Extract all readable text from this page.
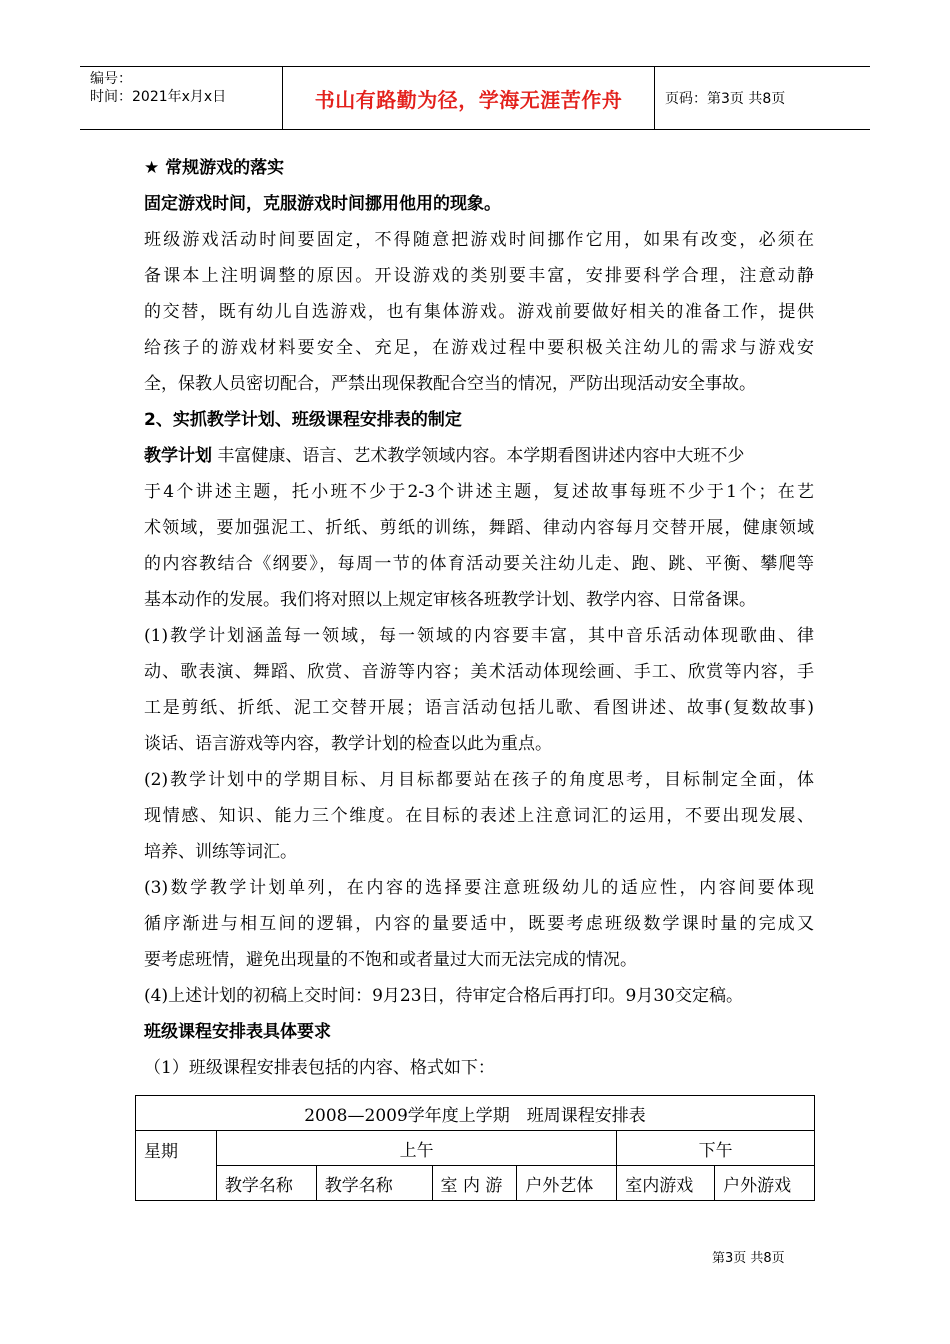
编号：
时间：2021年x月x日	书山有路勤为径，学海无涯苦作舟	页码：第3页 共8页
★ 常规游戏的落实
固定游戏时间，克服游戏时间挪用他用的现象。
班级游戏活动时间要固定，不得随意把游戏时间挪作它用，如果有改变，必须在
备课本上注明调整的原因。开设游戏的类别要丰富，安排要科学合理，注意动静
的交替，既有幼儿自选游戏，也有集体游戏。游戏前要做好相关的准备工作，提供
给孩子的游戏材料要安全、充足，在游戏过程中要积极关注幼儿的需求与游戏安
全，保教人员密切配合，严禁出现保教配合空当的情况，严防出现活动安全事故。
2、实抓教学计划、班级课程安排表的制定
教学计划 丰富健康、语言、艺术教学领域内容。本学期看图讲述内容中大班不少
于4个讲述主题，托小班不少于2-3个讲述主题，复述故事每班不少于1个；在艺
术领域，要加强泥工、折纸、剪纸的训练，舞蹈、律动内容每月交替开展，健康领域
的内容教结合《纲要》，每周一节的体育活动要关注幼儿走、跑、跳、平衡、攀爬等
基本动作的发展。我们将对照以上规定审核各班教学计划、教学内容、日常备课。
(1)教学计划涵盖每一领域，每一领域的内容要丰富，其中音乐活动体现歌曲、律
动、歌表演、舞蹈、欣赏、音游等内容；美术活动体现绘画、手工、欣赏等内容，手
工是剪纸、折纸、泥工交替开展；语言活动包括儿歌、看图讲述、故事(复数故事)
谈话、语言游戏等内容，教学计划的检查以此为重点。
(2)教学计划中的学期目标、月目标都要站在孩子的角度思考，目标制定全面，体
现情感、知识、能力三个维度。在目标的表述上注意词汇的运用，不要出现发展、
培养、训练等词汇。
(3)数学教学计划单列，在内容的选择要注意班级幼儿的适应性，内容间要体现
循序渐进与相互间的逻辑，内容的量要适中，既要考虑班级数学课时量的完成又
要考虑班情，避免出现量的不饱和或者量过大而无法完成的情况。
(4)上述计划的初稿上交时间：9月23日，待审定合格后再打印。9月30交定稿。
班级课程安排表具体要求
（1）班级课程安排表包括的内容、格式如下：
2008—2009学年度上学期　班周课程安排表						
星期	上午				下午	
	教学名称	教学名称	室 内 游	户外艺体	室内游戏	户外游戏
第3页 共8页
